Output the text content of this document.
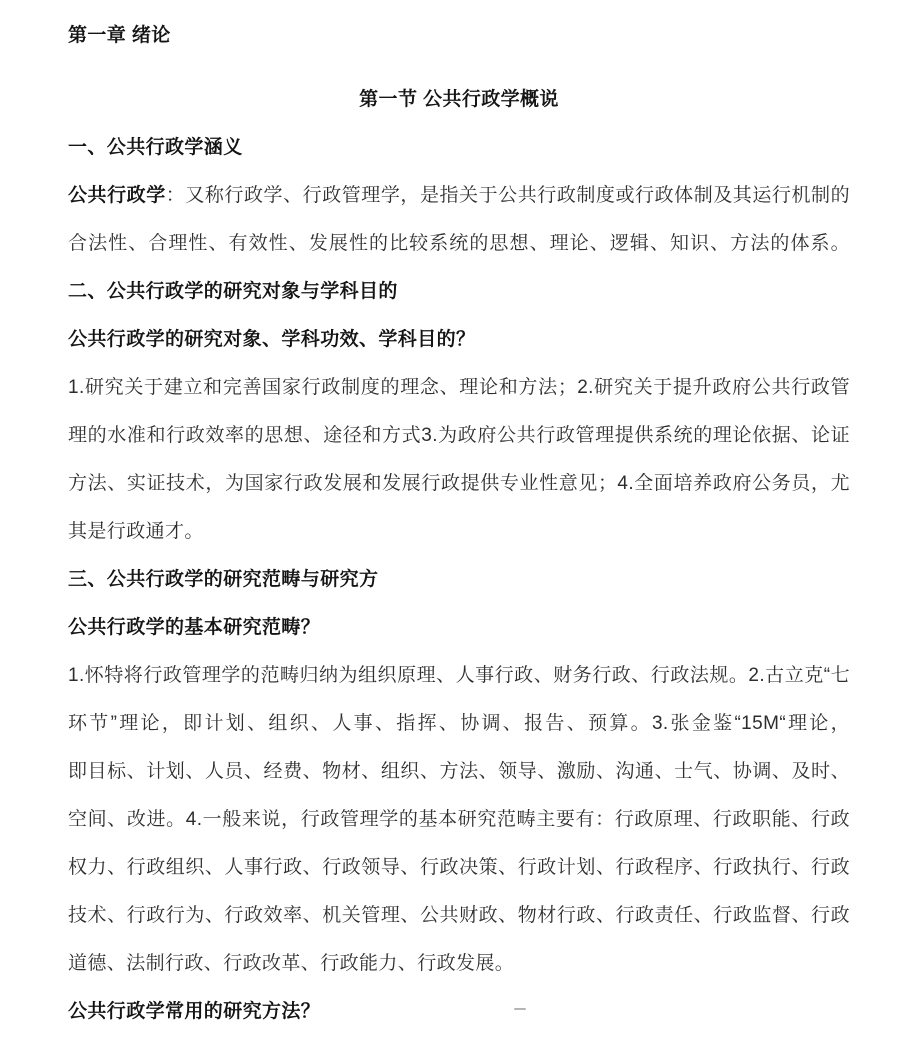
第一章 绪论
第一节 公共行政学概说
一、公共行政学涵义
公共行政学：又称行政学、行政管理学，是指关于公共行政制度或行政体制及其运行机制的
合法性、合理性、有效性、发展性的比较系统的思想、理论、逻辑、知识、方法的体系。
二、公共行政学的研究对象与学科目的
公共行政学的研究对象、学科功效、学科目的？
1.研究关于建立和完善国家行政制度的理念、理论和方法；2.研究关于提升政府公共行政管
理的水准和行政效率的思想、途径和方式3.为政府公共行政管理提供系统的理论依据、论证
方法、实证技术，为国家行政发展和发展行政提供专业性意见；4.全面培养政府公务员，尤
其是行政通才。
三、公共行政学的研究范畴与研究方
公共行政学的基本研究范畴？
1.怀特将行政管理学的范畴归纳为组织原理、人事行政、财务行政、行政法规。2.古立克“七
环节”理论，即计划、组织、人事、指挥、协调、报告、预算。3.张金鉴“15M“理论，
即目标、计划、人员、经费、物材、组织、方法、领导、激励、沟通、士气、协调、及时、
空间、改进。4.一般来说，行政管理学的基本研究范畴主要有：行政原理、行政职能、行政
权力、行政组织、人事行政、行政领导、行政决策、行政计划、行政程序、行政执行、行政
技术、行政行为、行政效率、机关管理、公共财政、物材行政、行政责任、行政监督、行政
道德、法制行政、行政改革、行政能力、行政发展。
公共行政学常用的研究方法？
